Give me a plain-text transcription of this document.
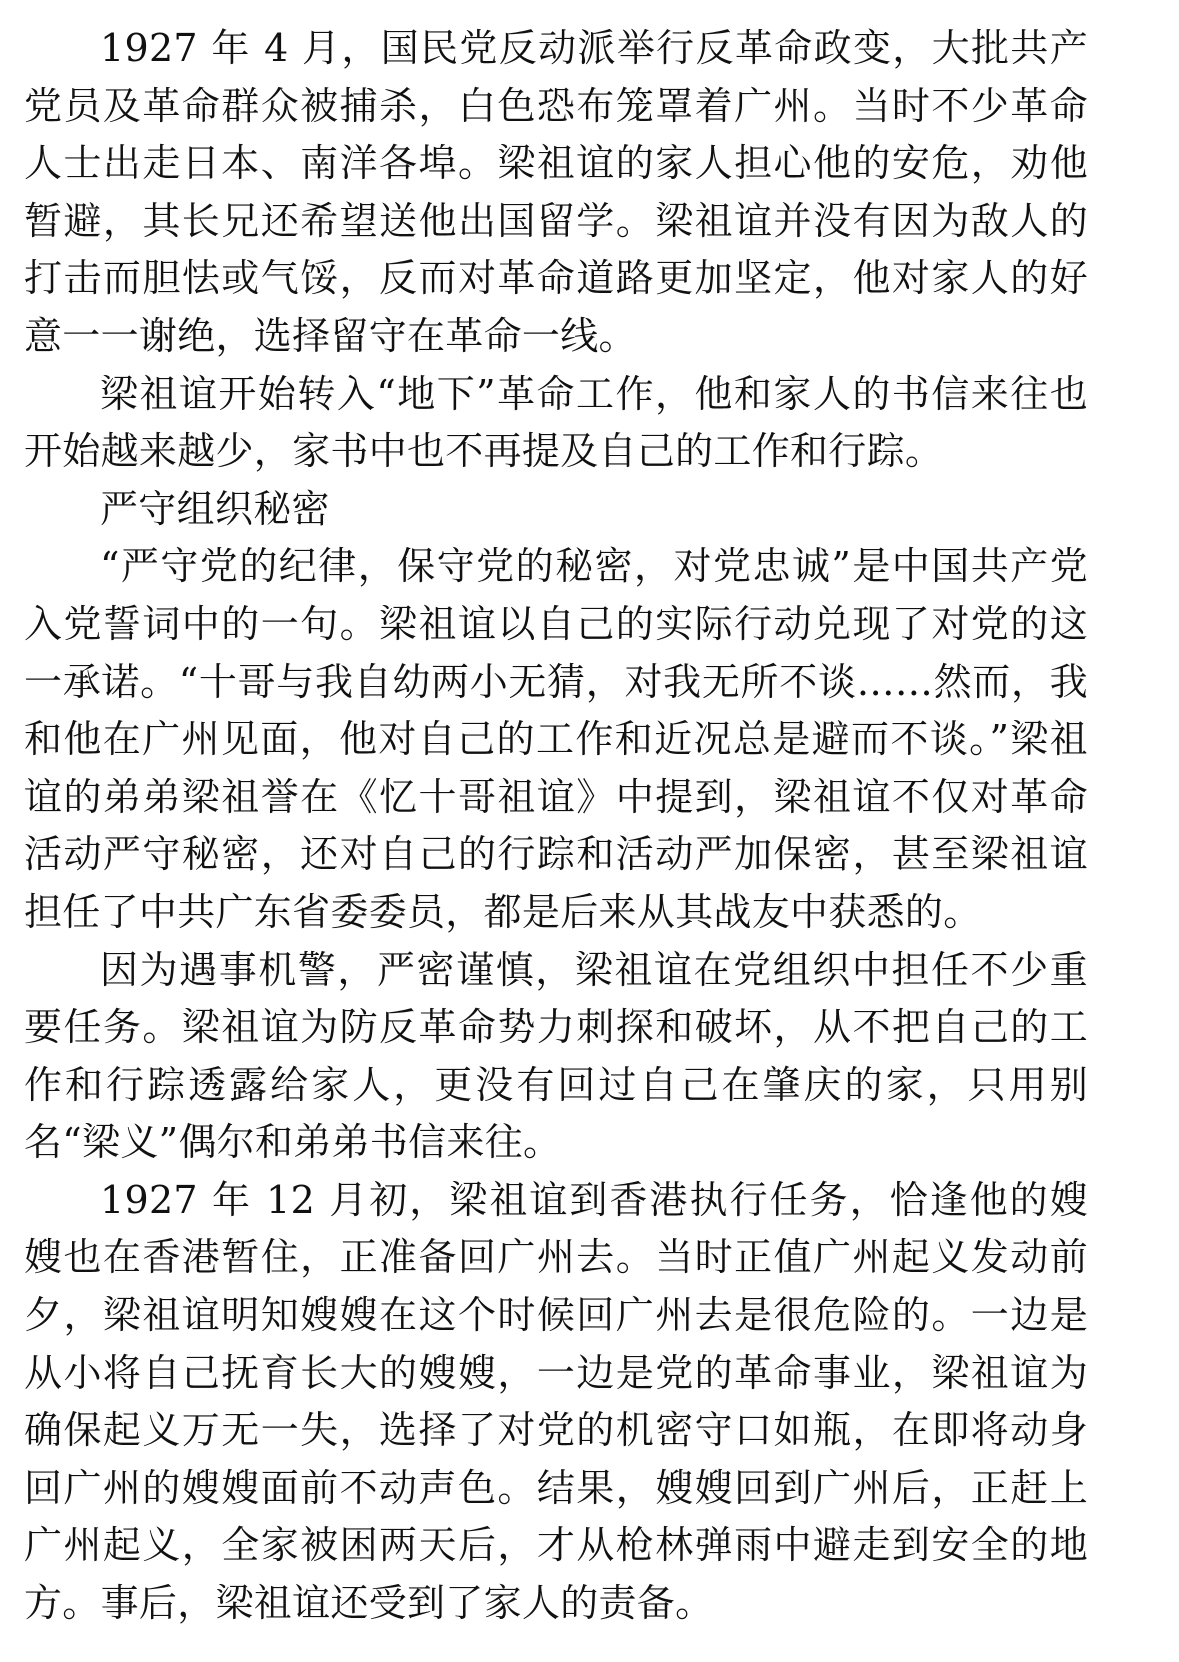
1927 年 4 月，国民党反动派举行反革命政变，大批共产党员及革命群众被捕杀，白色恐布笼罩着广州。当时不少革命人士出走日本、南洋各埠。梁祖谊的家人担心他的安危，劝他暂避，其长兄还希望送他出国留学。梁祖谊并没有因为敌人的打击而胆怯或气馁，反而对革命道路更加坚定，他对家人的好意一一谢绝，选择留守在革命一线。

梁祖谊开始转入“地下”革命工作，他和家人的书信来往也开始越来越少，家书中也不再提及自己的工作和行踪。

严守组织秘密

“严守党的纪律，保守党的秘密，对党忠诚”是中国共产党入党誓词中的一句。梁祖谊以自己的实际行动兑现了对党的这一承诺。“十哥与我自幼两小无猜，对我无所不谈……然而，我和他在广州见面，他对自己的工作和近况总是避而不谈。”梁祖谊的弟弟梁祖誉在《忆十哥祖谊》中提到，梁祖谊不仅对革命活动严守秘密，还对自己的行踪和活动严加保密，甚至梁祖谊担任了中共广东省委委员，都是后来从其战友中获悉的。

因为遇事机警，严密谨慎，梁祖谊在党组织中担任不少重要任务。梁祖谊为防反革命势力刺探和破坏，从不把自己的工作和行踪透露给家人，更没有回过自己在肇庆的家，只用别名“梁义”偶尔和弟弟书信来往。

1927 年 12 月初，梁祖谊到香港执行任务，恰逢他的嫂嫂也在香港暂住，正准备回广州去。当时正值广州起义发动前夕，梁祖谊明知嫂嫂在这个时候回广州去是很危险的。一边是从小将自己抚育长大的嫂嫂，一边是党的革命事业，梁祖谊为确保起义万无一失，选择了对党的机密守口如瓶，在即将动身回广州的嫂嫂面前不动声色。结果，嫂嫂回到广州后，正赶上广州起义，全家被困两天后，才从枪林弹雨中避走到安全的地方。事后，梁祖谊还受到了家人的责备。
